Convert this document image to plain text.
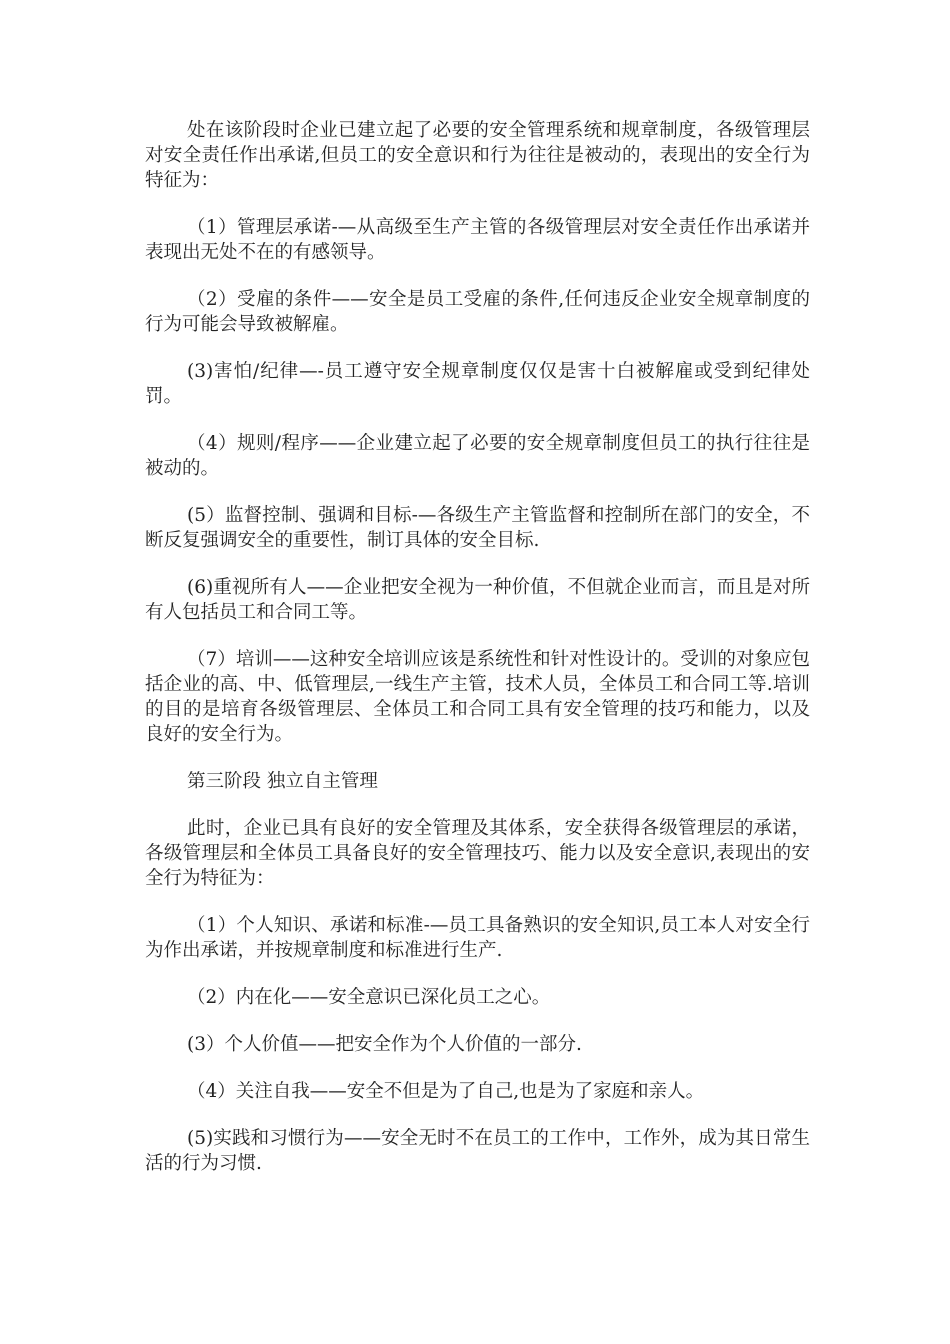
处在该阶段时企业已建立起了必要的安全管理系统和规章制度，各级管理层对安全责任作出承诺,但员工的安全意识和行为往往是被动的，表现出的安全行为特征为：

（1）管理层承诺-—从高级至生产主管的各级管理层对安全责任作出承诺并表现出无处不在的有感领导。

（2）受雇的条件——安全是员工受雇的条件,任何违反企业安全规章制度的行为可能会导致被解雇。

(3)害怕/纪律—-员工遵守安全规章制度仅仅是害十白被解雇或受到纪律处罚。

（4）规则/程序——企业建立起了必要的安全规章制度但员工的执行往往是被动的。

(5）监督控制、强调和目标-—各级生产主管监督和控制所在部门的安全，不断反复强调安全的重要性，制订具体的安全目标.

(6)重视所有人——企业把安全视为一种价值，不但就企业而言，而且是对所有人包括员工和合同工等。

（7）培训——这种安全培训应该是系统性和针对性设计的。受训的对象应包括企业的高、中、低管理层,一线生产主管，技术人员，全体员工和合同工等.培训的目的是培育各级管理层、全体员工和合同工具有安全管理的技巧和能力，以及良好的安全行为。

第三阶段 独立自主管理

此时，企业已具有良好的安全管理及其体系，安全获得各级管理层的承诺，各级管理层和全体员工具备良好的安全管理技巧、能力以及安全意识,表现出的安全行为特征为：

（1）个人知识、承诺和标准-—员工具备熟识的安全知识,员工本人对安全行为作出承诺，并按规章制度和标准进行生产.

（2）内在化——安全意识已深化员工之心。

(3）个人价值——把安全作为个人价值的一部分.

（4）关注自我——安全不但是为了自己,也是为了家庭和亲人。

(5)实践和习惯行为——安全无时不在员工的工作中，工作外，成为其日常生活的行为习惯.
